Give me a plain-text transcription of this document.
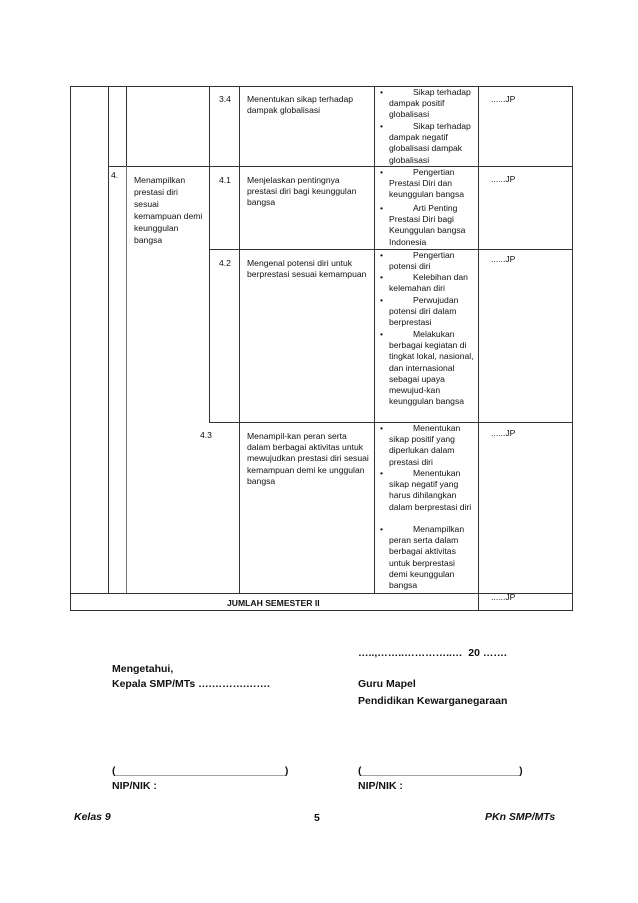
3.4 Menentukan sikap terhadap dampak globalisasi
•	Sikap terhadap dampak positif globalisasi
•	Sikap terhadap dampak negatif globalisasi dampak globalisasi
......JP
4. Menampilkan prestasi diri sesuai kemampuan demi keunggulan bangsa
4.1 Menjelaskan pentingnya prestasi diri bagi keunggulan bangsa
•	Pengertian Prestasi Diri dan keunggulan bangsa
•	Arti Penting Prestasi Diri bagi Keunggulan bangsa Indonesia
......JP
4.2 Mengenal potensi diri untuk berprestasi sesuai kemampuan
•	Pengertian potensi diri
•	Kelebihan dan kelemahan diri
•	Perwujudan potensi diri dalam berprestasi
•	Melakukan berbagai kegiatan di tingkat lokal, nasional, dan internasional sebagai upaya mewujud-kan keunggulan bangsa
......JP
4.3	Menampil-kan peran serta dalam berbagai aktivitas untuk mewujudkan prestasi diri sesuai kemampuan demi ke unggulan bangsa
•	Menentukan sikap positif yang diperlukan dalam prestasi diri
•	Menentukan sikap negatif yang harus dihilangkan dalam berprestasi diri
•	Menampilkan peran serta dalam berbagai aktivitas untuk berprestasi demi keunggulan bangsa
......JP
JUMLAH SEMESTER II
......JP
…..,……..…………..…  20 …….
Mengetahui,
Kepala SMP/MTs ….……….…….	Guru Mapel
Pendidikan Kewarganegaraan
(_____________________________)
NIP/NIK :
(___________________________)
NIP/NIK :
Kelas 9	5	PKn SMP/MTs
